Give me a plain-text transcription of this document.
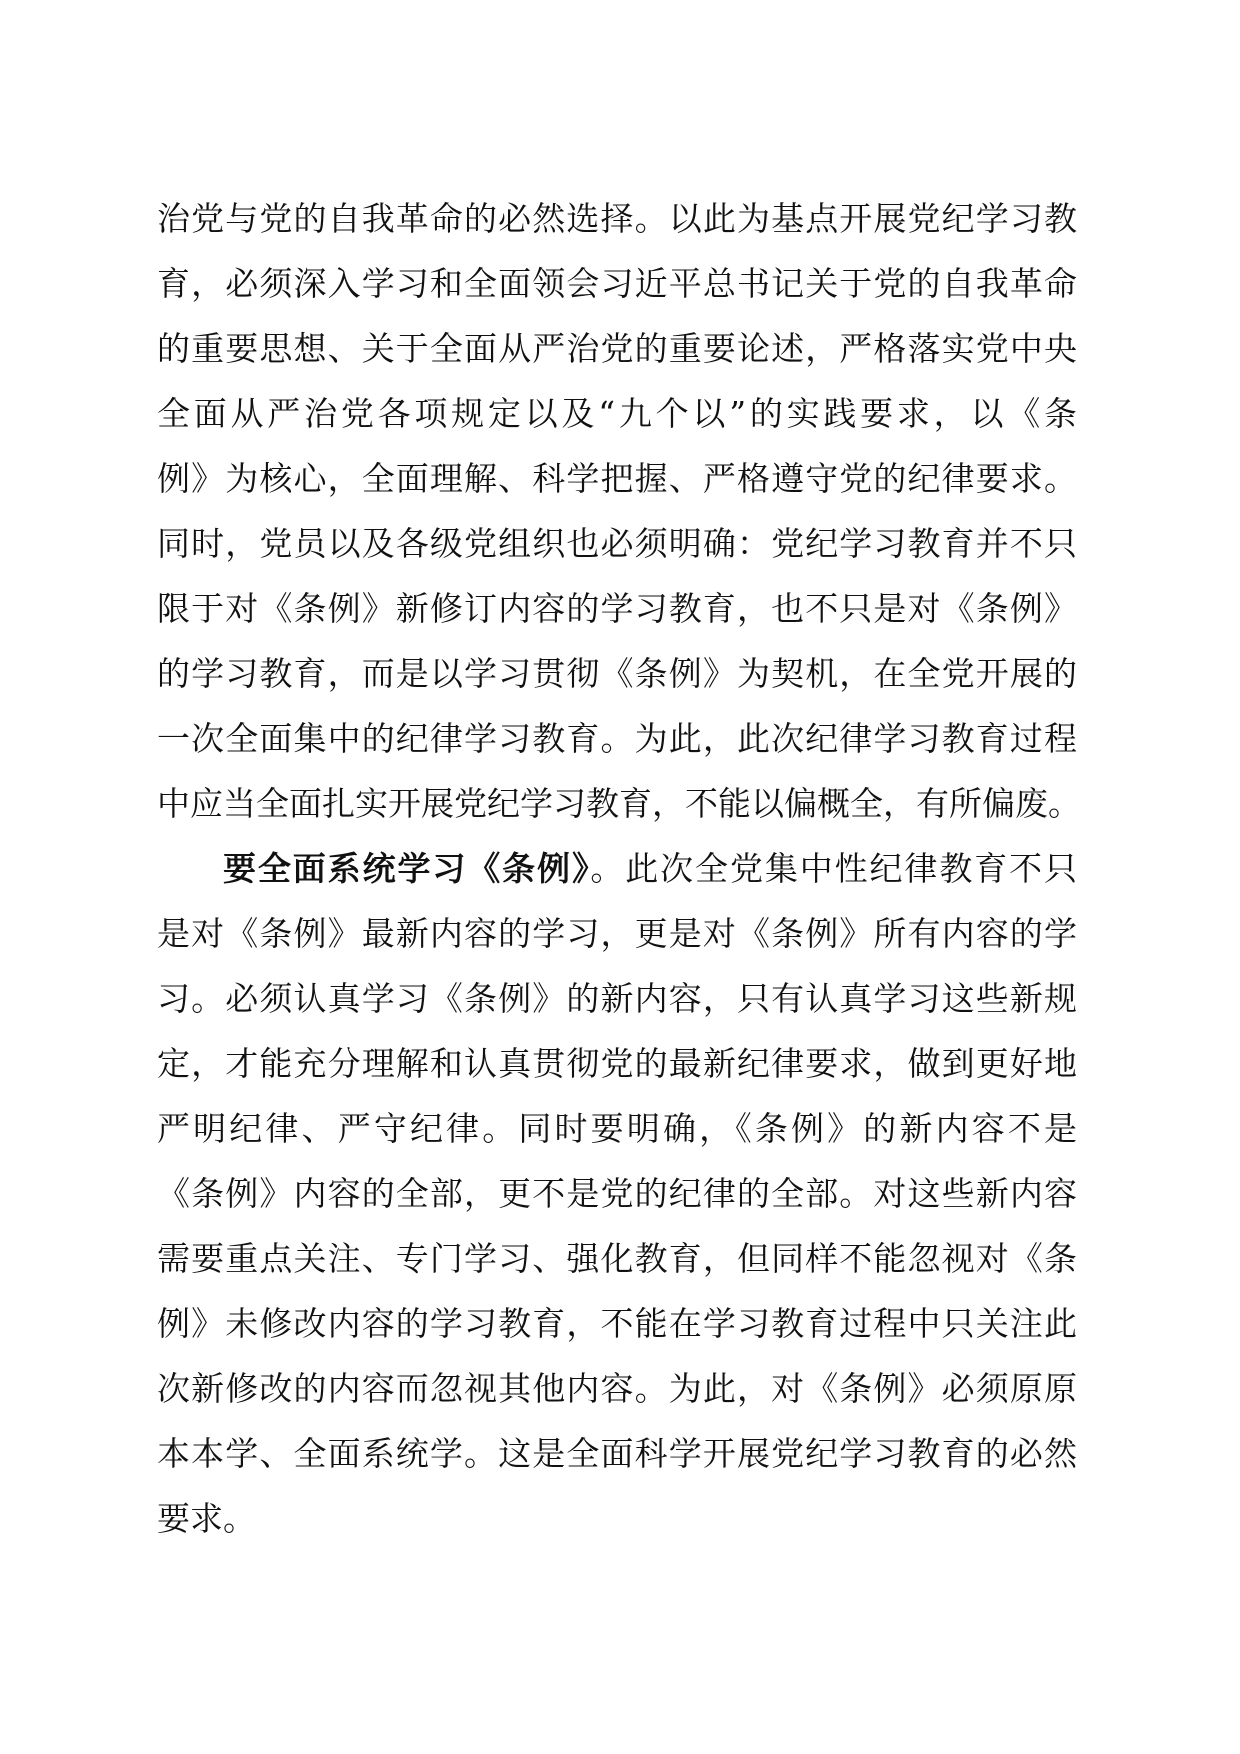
治党与党的自我革命的必然选择。以此为基点开展党纪学习教
育，必须深入学习和全面领会习近平总书记关于党的自我革命
的重要思想、关于全面从严治党的重要论述，严格落实党中央
全面从严治党各项规定以及“九个以”的实践要求，以《条
例》为核心，全面理解、科学把握、严格遵守党的纪律要求。
同时，党员以及各级党组织也必须明确：党纪学习教育并不只
限于对《条例》新修订内容的学习教育，也不只是对《条例》
的学习教育，而是以学习贯彻《条例》为契机，在全党开展的
一次全面集中的纪律学习教育。为此，此次纪律学习教育过程
中应当全面扎实开展党纪学习教育，不能以偏概全，有所偏废。
要全面系统学习《条例》。此次全党集中性纪律教育不只
是对《条例》最新内容的学习，更是对《条例》所有内容的学
习。必须认真学习《条例》的新内容，只有认真学习这些新规
定，才能充分理解和认真贯彻党的最新纪律要求，做到更好地
严明纪律、严守纪律。同时要明确，《条例》的新内容不是
《条例》内容的全部，更不是党的纪律的全部。对这些新内容
需要重点关注、专门学习、强化教育，但同样不能忽视对《条
例》未修改内容的学习教育，不能在学习教育过程中只关注此
次新修改的内容而忽视其他内容。为此，对《条例》必须原原
本本学、全面系统学。这是全面科学开展党纪学习教育的必然
要求。
